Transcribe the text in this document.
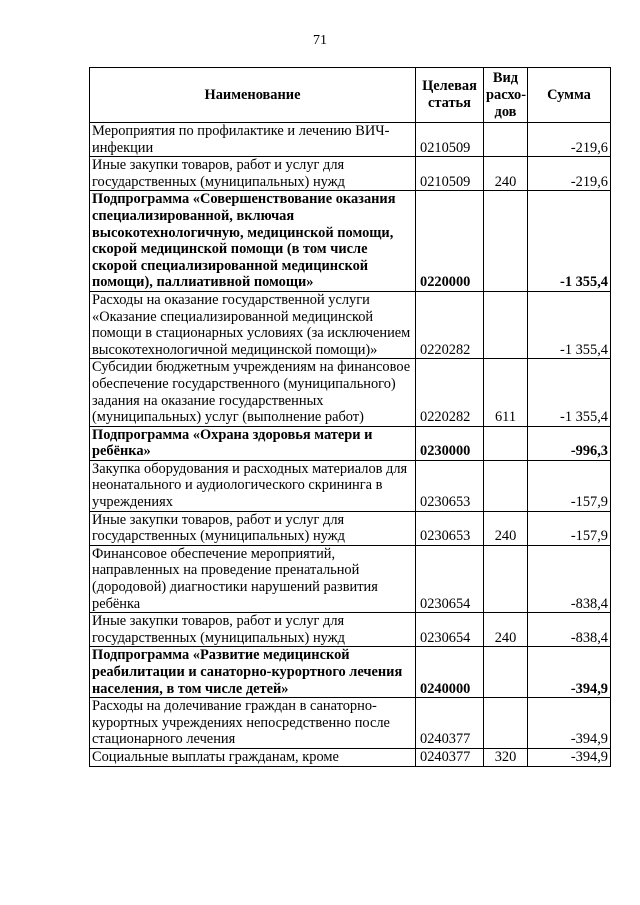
71
Наименование	Целевая статья	Вид расхо-дов	Сумма
Мероприятия по профилактике и лечению ВИЧ-инфекции	0210509		-219,6
Иные закупки товаров, работ и услуг для государственных (муниципальных) нужд	0210509	240	-219,6
Подпрограмма «Совершенствование оказания специализированной, включая высокотехнологичную, медицинской помощи, скорой медицинской помощи (в том числе скорой специализированной медицинской помощи), паллиативной помощи»	0220000		-1 355,4
Расходы на оказание государственной услуги «Оказание специализированной медицинской помощи в стационарных условиях (за исключением высокотехнологичной медицинской помощи)»	0220282		-1 355,4
Субсидии бюджетным учреждениям на финансовое обеспечение государственного (муниципального) задания на оказание государственных (муниципальных) услуг (выполнение работ)	0220282	611	-1 355,4
Подпрограмма «Охрана здоровья матери и ребёнка»	0230000		-996,3
Закупка оборудования и расходных материалов для неонатального и аудиологического скрининга в учреждениях	0230653		-157,9
Иные закупки товаров, работ и услуг для государственных (муниципальных) нужд	0230653	240	-157,9
Финансовое обеспечение мероприятий, направленных на проведение пренатальной (дородовой) диагностики нарушений развития ребёнка	0230654		-838,4
Иные закупки товаров, работ и услуг для государственных (муниципальных) нужд	0230654	240	-838,4
Подпрограмма «Развитие медицинской реабилитации и санаторно-курортного лечения населения, в том числе детей»	0240000		-394,9
Расходы на долечивание граждан в санаторно-курортных учреждениях непосредственно после стационарного лечения	0240377		-394,9
Социальные выплаты гражданам, кроме	0240377	320	-394,9
